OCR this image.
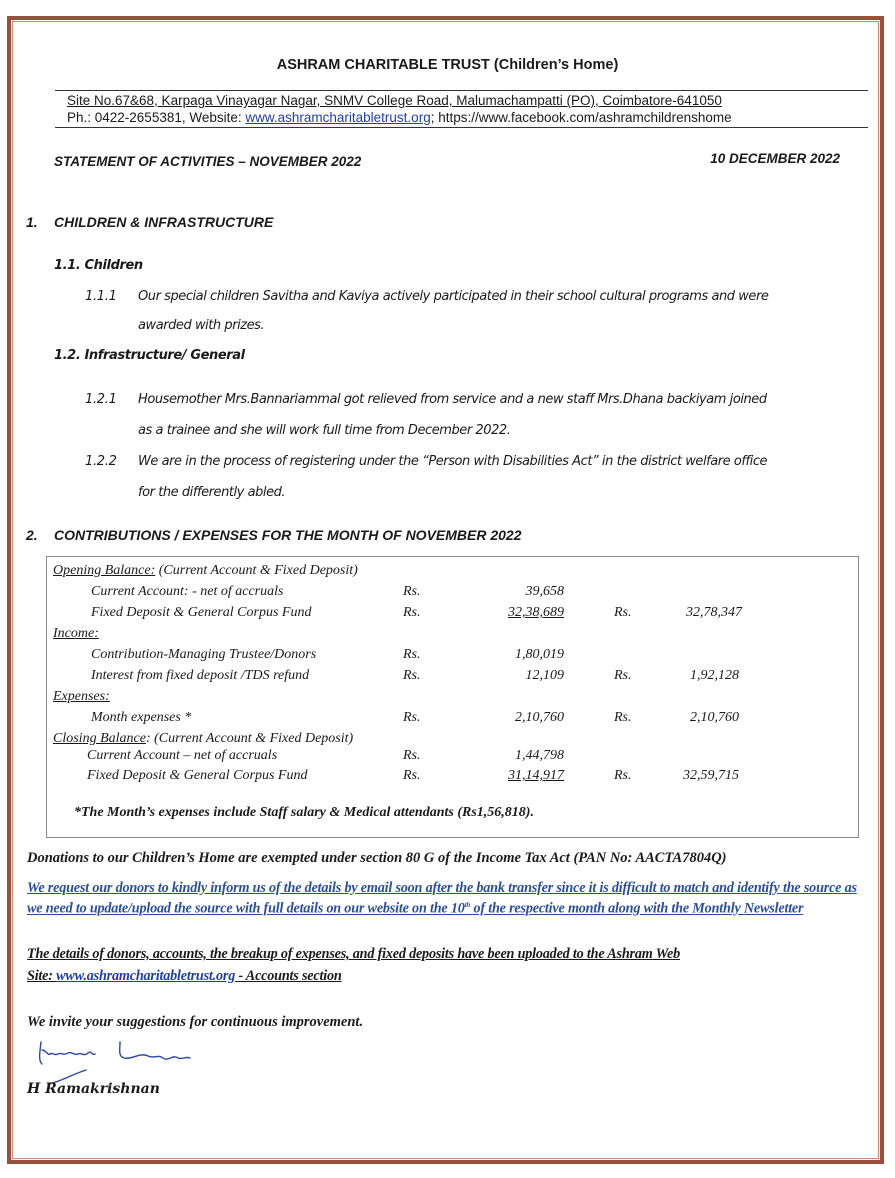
ASHRAM CHARITABLE TRUST (Children’s Home)
Site No.67&68, Karpaga Vinayagar Nagar, SNMV College Road, Malumachampatti (PO), Coimbatore-641050
Ph.: 0422-2655381, Website: www.ashramcharitabletrust.org; https://www.facebook.com/ashramchildrenshome
STATEMENT OF ACTIVITIES – NOVEMBER 2022	10 DECEMBER 2022
1. CHILDREN & INFRASTRUCTURE
1.1. Children
1.1.1 Our special children Savitha and Kaviya actively participated in their school cultural programs and were
awarded with prizes.
1.2. Infrastructure/ General
1.2.1 Housemother Mrs.Bannariammal got relieved from service and a new staff Mrs.Dhana backiyam joined
as a trainee and she will work full time from December 2022.
1.2.2 We are in the process of registering under the “Person with Disabilities Act” in the district welfare office
for the differently abled.
2. CONTRIBUTIONS / EXPENSES FOR THE MONTH OF NOVEMBER 2022
Opening Balance: (Current Account & Fixed Deposit)
Current Account: - net of accruals	Rs.	39,658
Fixed Deposit & General Corpus Fund	Rs.	32,38,689	Rs.	32,78,347
Income:
Contribution-Managing Trustee/Donors	Rs.	1,80,019
Interest from fixed deposit /TDS refund	Rs.	12,109	Rs.	1,92,128
Expenses:
Month expenses *	Rs.	2,10,760	Rs.	2,10,760
Closing Balance: (Current Account & Fixed Deposit)
Current Account – net of accruals	Rs.	1,44,798
Fixed Deposit & General Corpus Fund	Rs.	31,14,917	Rs.	32,59,715
*The Month’s expenses include Staff salary & Medical attendants (Rs1,56,818).
Donations to our Children’s Home are exempted under section 80 G of the Income Tax Act (PAN No: AACTA7804Q)
We request our donors to kindly inform us of the details by email soon after the bank transfer since it is difficult to match and identify the source as we need to update/upload the source with full details on our website on the 10th of the respective month along with the Monthly Newsletter
The details of donors, accounts, the breakup of expenses, and fixed deposits have been uploaded to the Ashram Web
Site: www.ashramcharitabletrust.org - Accounts section
We invite your suggestions for continuous improvement.
H Ramakrishnan
